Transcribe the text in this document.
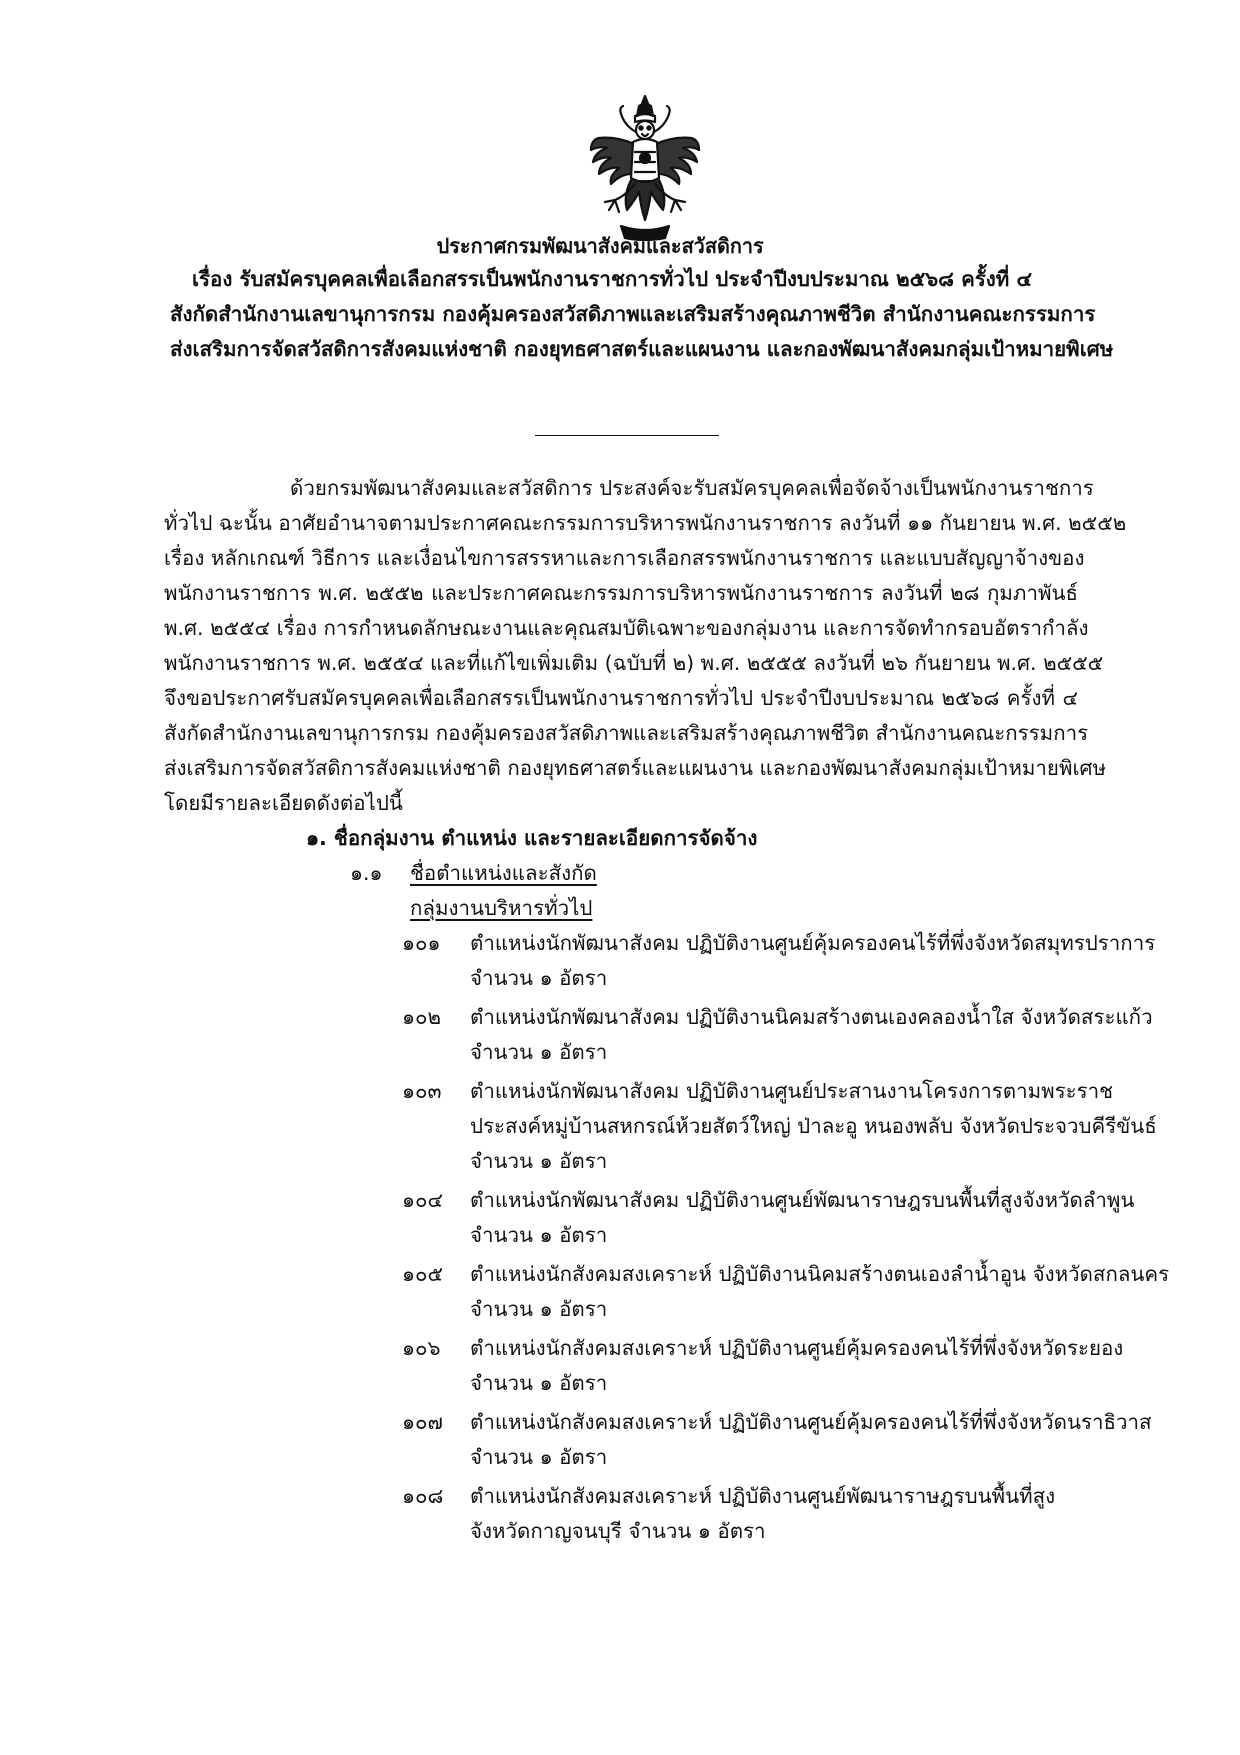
ประกาศกรมพัฒนาสังคมและสวัสดิการ
เรื่อง รับสมัครบุคคลเพื่อเลือกสรรเป็นพนักงานราชการทั่วไป ประจำปีงบประมาณ ๒๕๖๘ ครั้งที่ ๔
สังกัดสำนักงานเลขานุการกรม กองคุ้มครองสวัสดิภาพและเสริมสร้างคุณภาพชีวิต สำนักงานคณะกรรมการ
ส่งเสริมการจัดสวัสดิการสังคมแห่งชาติ กองยุทธศาสตร์และแผนงาน และกองพัฒนาสังคมกลุ่มเป้าหมายพิเศษ
ด้วยกรมพัฒนาสังคมและสวัสดิการ ประสงค์จะรับสมัครบุคคลเพื่อจัดจ้างเป็นพนักงานราชการ
ทั่วไป ฉะนั้น อาศัยอำนาจตามประกาศคณะกรรมการบริหารพนักงานราชการ ลงวันที่ ๑๑ กันยายน พ.ศ. ๒๕๕๒
เรื่อง หลักเกณฑ์ วิธีการ และเงื่อนไขการสรรหาและการเลือกสรรพนักงานราชการ และแบบสัญญาจ้างของ
พนักงานราชการ พ.ศ. ๒๕๕๒ และประกาศคณะกรรมการบริหารพนักงานราชการ ลงวันที่ ๒๘ กุมภาพันธ์
พ.ศ. ๒๕๕๔ เรื่อง การกำหนดลักษณะงานและคุณสมบัติเฉพาะของกลุ่มงาน และการจัดทำกรอบอัตรากำลัง
พนักงานราชการ พ.ศ. ๒๕๕๔ และที่แก้ไขเพิ่มเติม (ฉบับที่ ๒) พ.ศ. ๒๕๕๕ ลงวันที่ ๒๖ กันยายน พ.ศ. ๒๕๕๕
จึงขอประกาศรับสมัครบุคคลเพื่อเลือกสรรเป็นพนักงานราชการทั่วไป ประจำปีงบประมาณ ๒๕๖๘ ครั้งที่ ๔
สังกัดสำนักงานเลขานุการกรม กองคุ้มครองสวัสดิภาพและเสริมสร้างคุณภาพชีวิต สำนักงานคณะกรรมการ
ส่งเสริมการจัดสวัสดิการสังคมแห่งชาติ กองยุทธศาสตร์และแผนงาน และกองพัฒนาสังคมกลุ่มเป้าหมายพิเศษ
โดยมีรายละเอียดดังต่อไปนี้
๑. ชื่อกลุ่มงาน ตำแหน่ง และรายละเอียดการจัดจ้าง
๑.๑ ชื่อตำแหน่งและสังกัด
กลุ่มงานบริหารทั่วไป
๑๐๑ ตำแหน่งนักพัฒนาสังคม ปฏิบัติงานศูนย์คุ้มครองคนไร้ที่พึ่งจังหวัดสมุทรปราการ
จำนวน ๑ อัตรา
๑๐๒ ตำแหน่งนักพัฒนาสังคม ปฏิบัติงานนิคมสร้างตนเองคลองน้ำใส จังหวัดสระแก้ว
จำนวน ๑ อัตรา
๑๐๓ ตำแหน่งนักพัฒนาสังคม ปฏิบัติงานศูนย์ประสานงานโครงการตามพระราช
ประสงค์หมู่บ้านสหกรณ์ห้วยสัตว์ใหญ่ ป่าละอู หนองพลับ จังหวัดประจวบคีรีขันธ์
จำนวน ๑ อัตรา
๑๐๔ ตำแหน่งนักพัฒนาสังคม ปฏิบัติงานศูนย์พัฒนาราษฎรบนพื้นที่สูงจังหวัดลำพูน
จำนวน ๑ อัตรา
๑๐๕ ตำแหน่งนักสังคมสงเคราะห์ ปฏิบัติงานนิคมสร้างตนเองลำน้ำอูน จังหวัดสกลนคร
จำนวน ๑ อัตรา
๑๐๖ ตำแหน่งนักสังคมสงเคราะห์ ปฏิบัติงานศูนย์คุ้มครองคนไร้ที่พึ่งจังหวัดระยอง
จำนวน ๑ อัตรา
๑๐๗ ตำแหน่งนักสังคมสงเคราะห์ ปฏิบัติงานศูนย์คุ้มครองคนไร้ที่พึ่งจังหวัดนราธิวาส
จำนวน ๑ อัตรา
๑๐๘ ตำแหน่งนักสังคมสงเคราะห์ ปฏิบัติงานศูนย์พัฒนาราษฎรบนพื้นที่สูง
จังหวัดกาญจนบุรี จำนวน ๑ อัตรา
